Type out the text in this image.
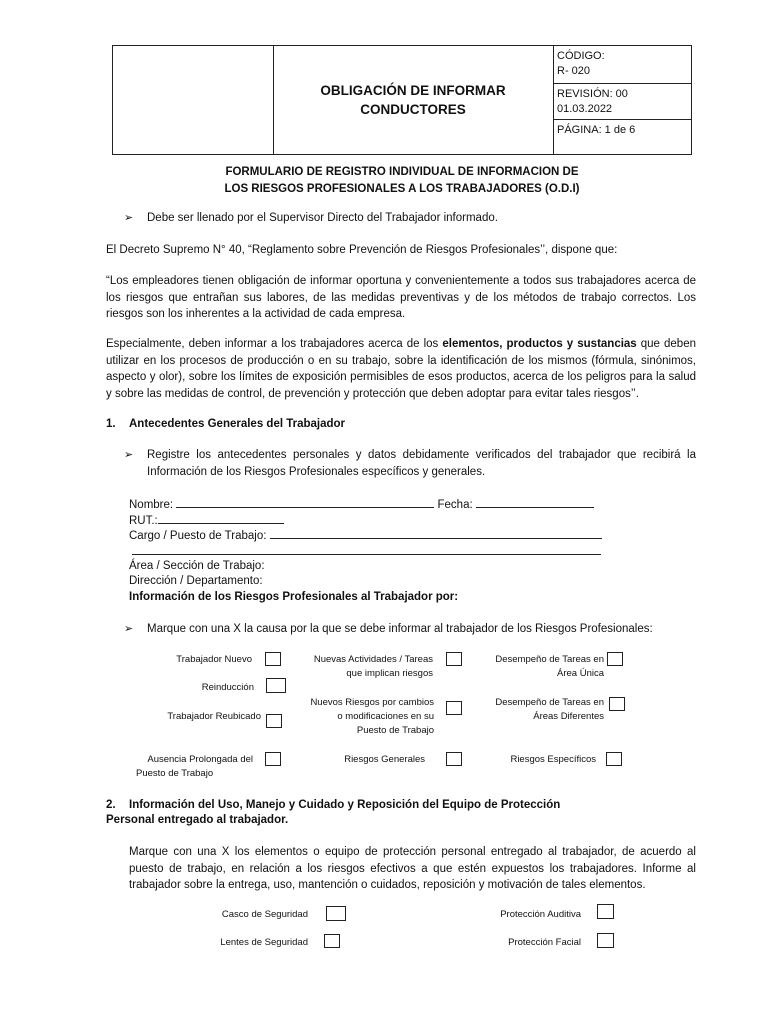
OBLIGACIÓN DE INFORMAR
CONDUCTORES
CÓDIGO:
R- 020
REVISIÓN: 00
01.03.2022
PÁGINA: 1 de 6
FORMULARIO DE REGISTRO INDIVIDUAL DE INFORMACION DE
LOS RIESGOS PROFESIONALES A LOS TRABAJADORES (O.D.I)
➢ Debe ser llenado por el Supervisor Directo del Trabajador informado.
El Decreto Supremo N° 40, “Reglamento sobre Prevención de Riesgos Profesionales’’, dispone que:
“Los empleadores tienen obligación de informar oportuna y convenientemente a todos sus trabajadores acerca de los riesgos que entrañan sus labores, de las medidas preventivas y de los métodos de trabajo correctos. Los riesgos son los inherentes a la actividad de cada empresa.
Especialmente, deben informar a los trabajadores acerca de los elementos, productos y sustancias que deben utilizar en los procesos de producción o en su trabajo, sobre la identificación de los mismos (fórmula, sinónimos, aspecto y olor), sobre los límites de exposición permisibles de esos productos, acerca de los peligros para la salud y sobre las medidas de control, de prevención y protección que deben adoptar para evitar tales riesgos’’.
1. Antecedentes Generales del Trabajador
➢ Registre los antecedentes personales y datos debidamente verificados del trabajador que recibirá la Información de los Riesgos Profesionales específicos y generales.
Nombre:	Fecha:
RUT.:
Cargo / Puesto de Trabajo:
Área / Sección de Trabajo:
Dirección / Departamento:
Información de los Riesgos Profesionales al Trabajador por:
➢ Marque con una X la causa por la que se debe informar al trabajador de los Riesgos Profesionales:
Trabajador Nuevo
Reinducción
Trabajador Reubicado
Ausencia Prolongada del
Puesto de Trabajo
Nuevas Actividades / Tareas
que implican riesgos
Nuevos Riesgos por cambios
o modificaciones en su
Puesto de Trabajo
Riesgos Generales
Desempeño de Tareas en
Área Única
Desempeño de Tareas en
Áreas Diferentes
Riesgos Específicos
2. Información del Uso, Manejo y Cuidado y Reposición del Equipo de Protección
Personal entregado al trabajador.
Marque con una X los elementos o equipo de protección personal entregado al trabajador, de acuerdo al puesto de trabajo, en relación a los riesgos efectivos a que estén expuestos los trabajadores. Informe al trabajador sobre la entrega, uso, mantención o cuidados, reposición y motivación de tales elementos.
Casco de Seguridad
Lentes de Seguridad
Protección Auditiva
Protección Facial
